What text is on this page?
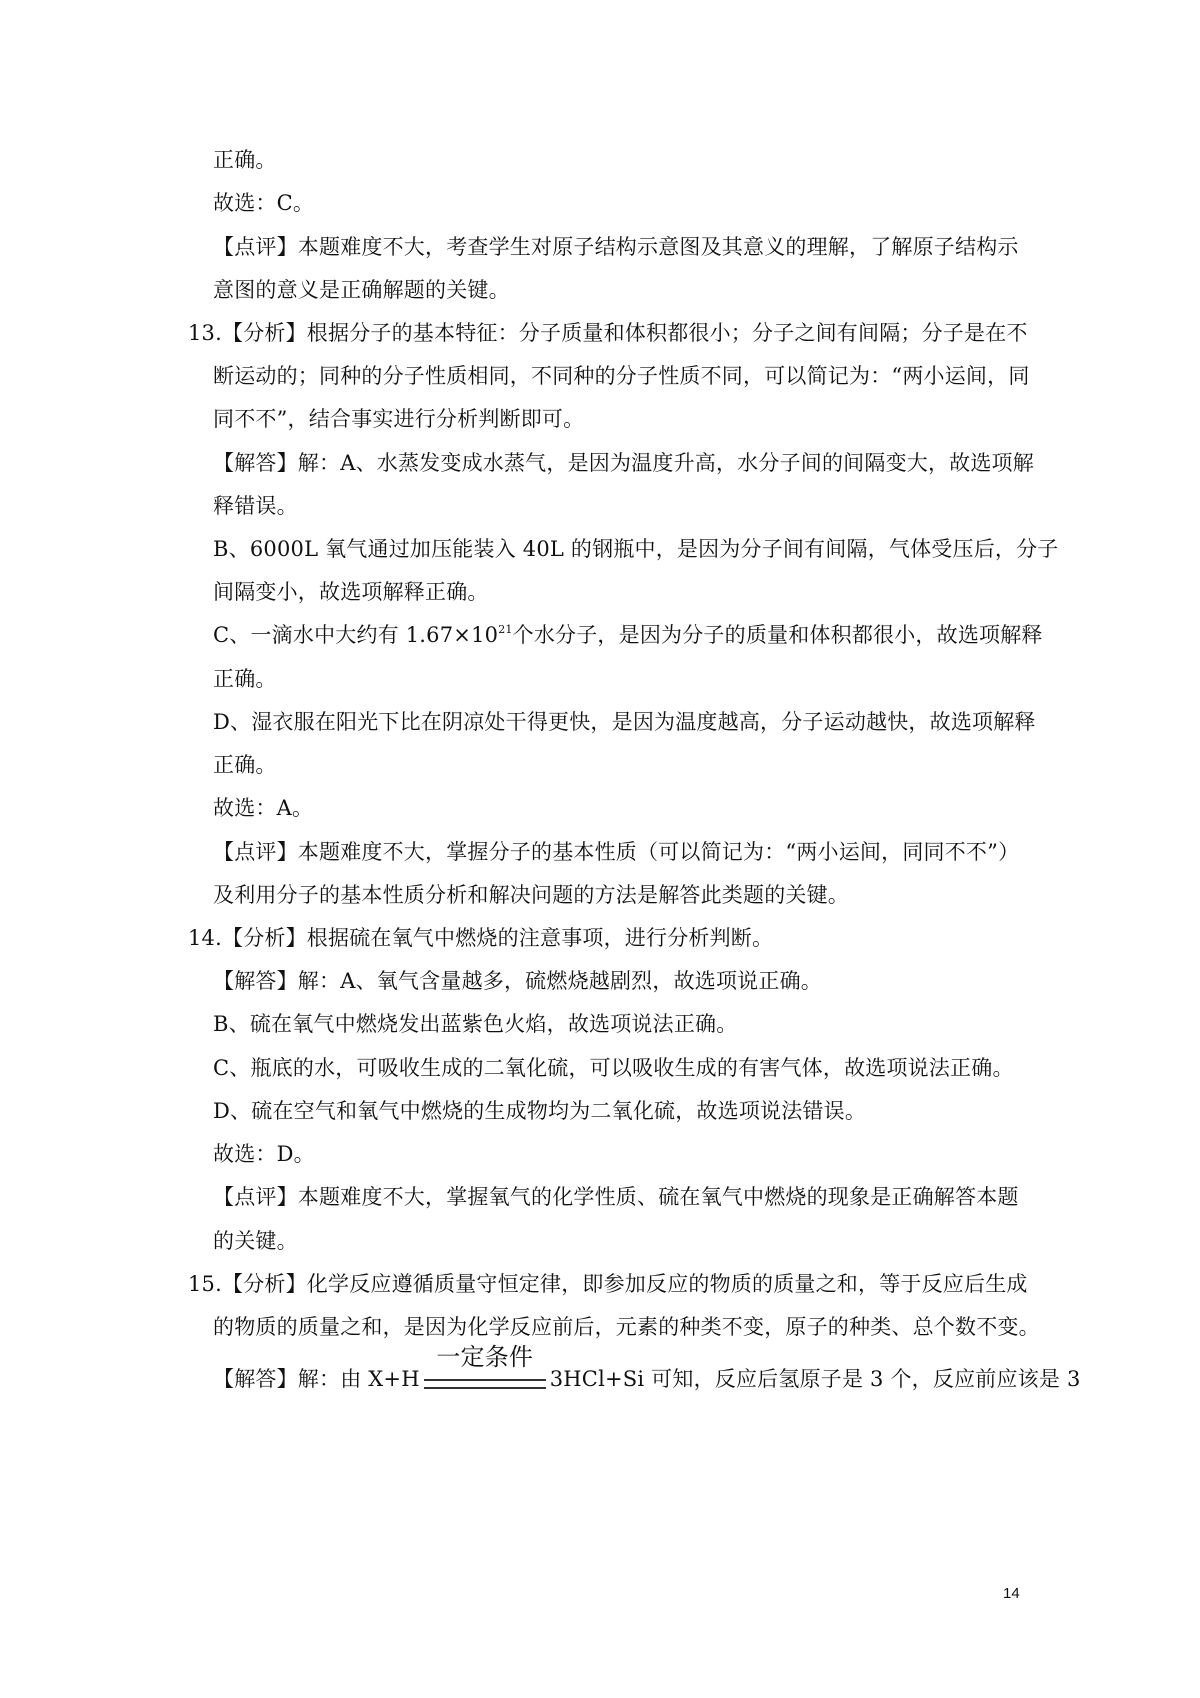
正确。
故选：C。
【点评】本题难度不大，考查学生对原子结构示意图及其意义的理解，了解原子结构示
意图的意义是正确解题的关键。
13.【分析】根据分子的基本特征：分子质量和体积都很小；分子之间有间隔；分子是在不
断运动的；同种的分子性质相同，不同种的分子性质不同，可以简记为：“两小运间，同
同不不”，结合事实进行分析判断即可。
【解答】解：A、水蒸发变成水蒸气，是因为温度升高，水分子间的间隔变大，故选项解
释错误。
B、6000L 氧气通过加压能装入 40L 的钢瓶中，是因为分子间有间隔，气体受压后，分子
间隔变小，故选项解释正确。
C、一滴水中大约有 $1.67\times 10^{21}$个水分子，是因为分子的质量和体积都很小，故选项解释
正确。
D、湿衣服在阳光下比在阴凉处干得更快，是因为温度越高，分子运动越快，故选项解释
正确。
故选：A。
【点评】本题难度不大，掌握分子的基本性质（可以简记为：“两小运间，同同不不”）
及利用分子的基本性质分析和解决问题的方法是解答此类题的关键。
14.【分析】根据硫在氧气中燃烧的注意事项，进行分析判断。
【解答】解：A、氧气含量越多，硫燃烧越剧烈，故选项说正确。
B、硫在氧气中燃烧发出蓝紫色火焰，故选项说法正确。
C、瓶底的水，可吸收生成的二氧化硫，可以吸收生成的有害气体，故选项说法正确。
D、硫在空气和氧气中燃烧的生成物均为二氧化硫，故选项说法错误。
故选：D。
【点评】本题难度不大，掌握氧气的化学性质、硫在氧气中燃烧的现象是正确解答本题
的关键。
15.【分析】化学反应遵循质量守恒定律，即参加反应的物质的质量之和，等于反应后生成
的物质的质量之和，是因为化学反应前后，元素的种类不变，原子的种类、总个数不变。
【解答】解：由 X+H
一定条件
3HCl+Si 可知，反应后氢原子是 3 个，反应前应该是 3
14
